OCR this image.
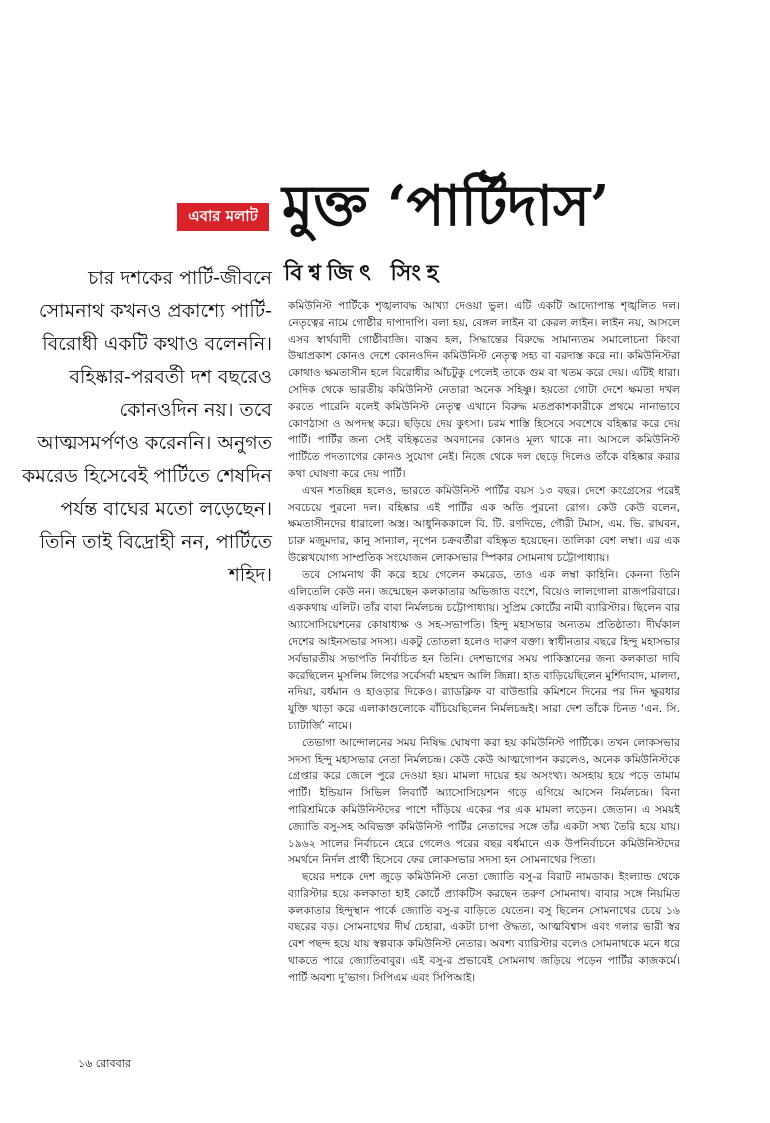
এবার মলাট মুক্ত ‘পার্টিদাস’
বিশ্বজিৎ সিংহ
চার দশকের পার্টি-জীবনে সোমনাথ কখনও প্রকাশ্যে পার্টি-বিরোধী একটি কথাও বলেননি। বহিষ্কার-পরবর্তী দশ বছরেও কোনওদিন নয়। তবে আত্মসমর্পণও করেননি। অনুগত কমরেড হিসেবেই পার্টিতে শেষদিন পর্যন্ত বাঘের মতো লড়েছেন। তিনি তাই বিদ্রোহী নন, পার্টিতে শহিদ।

কমিউনিস্ট পার্টিকে শৃঙ্খলাবদ্ধ আখ্যা দেওয়া ভুল। এটি একটি আদ্যোপান্ত শৃঙ্খলিত দল। নেতৃত্বের নামে গোষ্ঠীর দাপাদাপি। বলা হয়, বেঙ্গল লাইন বা কেরল লাইন। লাইন নয়, আসলে এসব স্বার্থবাদী গোষ্ঠীবাজি। বাস্তব হল, সিদ্ধান্তের বিরুদ্ধে সামান্যতম সমালোচনা কিংবা উষ্মাপ্রকাশ কোনও দেশে কোনওদিন কমিউনিস্ট নেতৃত্ব সহ্য বা বরদাস্ত করে না। কমিউনিস্টরা কোথাও ক্ষমতাসীন হলে বিরোধীর আঁচটুকু পেলেই তাকে গুম বা খতম করে দেয়। এটিই ধারা। সেদিক থেকে ভারতীয় কমিউনিস্ট নেতারা অনেক সহিষ্ণু। হয়তো গোটা দেশে ক্ষমতা দখল করতে পারেনি বলেই কমিউনিস্ট নেতৃত্ব এখানে বিরুদ্ধ মতপ্রকাশকারীকে প্রথমে নানাভাবে কোণঠাসা ও অপদস্থ করে। ছড়িয়ে দেয় কুৎসা। চরম শাস্তি হিসেবে সবশেষে বহিষ্কার করে দেয় পার্টি। পার্টির জন্য সেই বহিষ্কৃতের অবদানের কোনও মূল্য থাকে না। আসলে কমিউনিস্ট পার্টিতে পদত্যাগের কোনও সুযোগ নেই। নিজে থেকে দল ছেড়ে দিলেও তাঁকে বহিষ্কার করার কথা ঘোষণা করে দেয় পার্টি।

এখন শতচ্ছিন্ন হলেও, ভারতে কমিউনিস্ট পার্টির বয়স ১৩ বছর। দেশে কংগ্রেসের পরেই সবচেয়ে পুরনো দল। বহিষ্কার এই পার্টির এক অতি পুরনো রোগ। কেউ কেউ বলেন, ক্ষমতাসীনদের ধারালো অস্ত্র। আধুনিককালে বি. টি. রণদিভে, গৌরী টমাস, এম. ভি. রাঘবন, চারু মজুমদার, কানু সান্যাল, নৃপেন চক্রবর্তীরা বহিষ্কৃত হয়েছেন। তালিকা বেশ লম্বা। এর এক উল্লেখযোগ্য সাম্প্রতিক সংযোজন লোকসভার স্পিকার সোমনাথ চট্টোপাধ্যায়।

তবে সোমনাথ কী করে হয়ে গেলেন কমরেড, তাও এক লম্বা কাহিনি। কেননা তিনি এলিতেলি কেউ নন। জন্মেছেন কলকাতার অভিজাত বংশে, বিয়েও লালগোলা রাজপরিবারে। এককথায় এলিট। তাঁর বাবা নির্মলচন্দ্র চট্টোপাধ্যায়। সুপ্রিম কোর্টের নামী ব্যারিস্টার। ছিলেন বার অ্যাসোসিয়েশনের কোষাধ্যক্ষ ও সহ-সভাপতি। হিন্দু মহাসভার অন্যতম প্রতিষ্ঠাতা। দীর্ঘকাল দেশের আইনসভার সদস্য। একটু তোতলা হলেও দারুণ বক্তা। স্বাধীনতার বছরে হিন্দু মহাসভার সর্বভারতীয় সভাপতি নির্বাচিত হন তিনি। দেশভাগের সময় পাকিস্তানের জন্য কলকাতা দাবি করেছিলেন মুসলিম লিগের সর্বেসর্বা মহম্মদ আলি জিন্না। হাত বাড়িয়েছিলেন মুর্শিদাবাদ, মালদা, নদিয়া, বর্ধমান ও হাওড়ার দিকেও। র‍্যাডক্লিফ বা বাউন্ডারি কমিশনে দিনের পর দিন ক্ষুরধার যুক্তি খাড়া করে এলাকাগুলোকে বাঁচিয়েছিলেন নির্মলচন্দ্রই। সারা দেশ তাঁকে চিনত ‘এন. সি. চ্যাটার্জি’ নামে।

তেভাগা আন্দোলনের সময় নিষিদ্ধ ঘোষণা করা হয় কমিউনিস্ট পার্টিকে। তখন লোকসভার সদস্য হিন্দু মহাসভার নেতা নির্মলচন্দ্র। কেউ কেউ আত্মগোপন করলেও, অনেক কমিউনিস্টকে গ্রেপ্তার করে জেলে পুরে দেওয়া হয়। মামলা দায়ের হয় অসংখ্য। অসহায় হয়ে পড়ে তামাম পার্টি। ইন্ডিয়ান সিভিল লিবার্টি অ্যাসোসিয়েশন গড়ে এগিয়ে আসেন নির্মলচন্দ্র। বিনা পারিশ্রমিকে কমিউনিস্টদের পাশে দাঁড়িয়ে একের পর এক মামলা লড়েন। জেতান। এ সময়ই জ্যোতি বসু-সহ অবিভক্ত কমিউনিস্ট পার্টির নেতাদের সঙ্গে তাঁর একটা সখ্য তৈরি হয়ে যায়। ১৯৬২ সালের নির্বাচনে হেরে গেলেও পরের বছর বর্ধমানে এক উপনির্বাচনে কমিউনিস্টদের সমর্থনে নির্দল প্রার্থী হিসেবে ফের লোকসভার সদস্য হন সোমনাথের পিতা।

ছয়ের দশকে দেশ জুড়ে কমিউনিস্ট নেতা জ্যোতি বসু-র বিরাট নামডাক। ইংল্যান্ড থেকে ব্যারিস্টার হয়ে কলকাতা হাই কোর্টে প্র্যাকটিস করছেন তরুণ সোমনাথ। বাবার সঙ্গে নিয়মিত কলকাতার হিন্দুস্থান পার্কে জ্যোতি বসু-র বাড়িতে যেতেন। বসু ছিলেন সোমনাথের চেয়ে ১৬ বছরের বড়। সোমনাথের দীর্ঘ চেহারা, একটা চাপা ঔদ্ধত্য, আত্মবিশ্বাস এবং গলার ভারী স্বর বেশ পছন্দ হয়ে যায় স্বল্পবাক কমিউনিস্ট নেতার। অবশ্য ব্যারিস্টার বলেও সোমনাথকে মনে ধরে থাকতে পারে জ্যোতিবাবুর। এই বসু-র প্রভাবেই সোমনাথ জড়িয়ে পড়েন পার্টির কাজকর্মে। পার্টি অবশ্য দু’ভাগ। সিপিএম এবং সিপিআই।

১৬ রোববার
